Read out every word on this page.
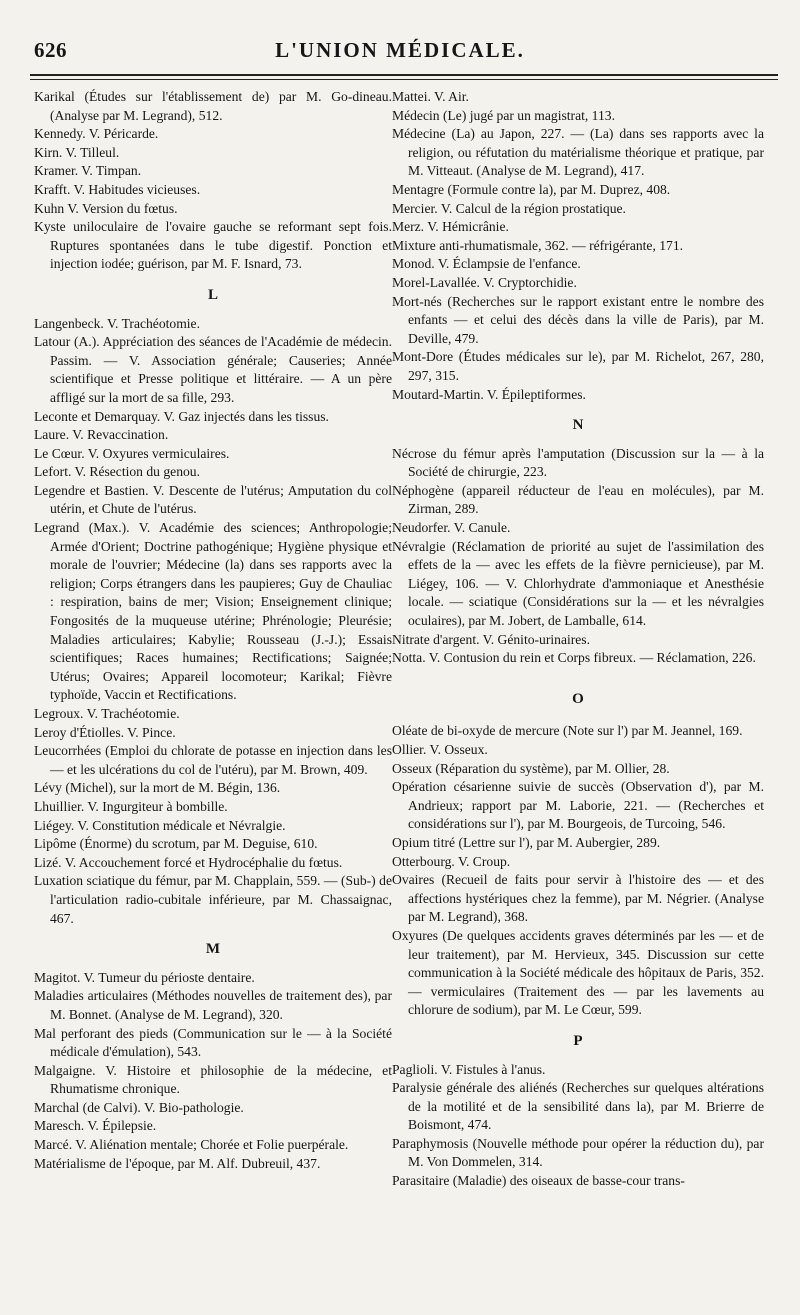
626	L'UNION MÉDICALE.

Karikal (Études sur l'établissement de) par M. Go-dineau. (Analyse par M. Legrand), 512.

Kennedy. V. Péricarde.

Kirn. V. Tilleul.

Kramer. V. Timpan.

Krafft. V. Habitudes vicieuses.

Kuhn V. Version du fœtus.

Kyste uniloculaire de l'ovaire gauche se reformant sept fois. Ruptures spontanées dans le tube digestif. Ponction et injection iodée; guérison, par M. F. Isnard, 73.

L

Langenbeck. V. Trachéotomie.

Latour (A.). Appréciation des séances de l'Académie de médecin. Passim. — V. Association générale; Causeries; Année scientifique et Presse politique et littéraire. — A un père affligé sur la mort de sa fille, 293.

Leconte et Demarquay. V. Gaz injectés dans les tissus.

Laure. V. Revaccination.

Le Cœur. V. Oxyures vermiculaires.

Lefort. V. Résection du genou.

Legendre et Bastien. V. Descente de l'utérus; Amputation du col utérin, et Chute de l'utérus.

Legrand (Max.). V. Académie des sciences; Anthropologie; Armée d'Orient; Doctrine pathogénique; Hygiène physique et morale de l'ouvrier; Médecine (la) dans ses rapports avec la religion; Corps étrangers dans les paupieres; Guy de Chauliac : respiration, bains de mer; Vision; Enseignement clinique; Fongosités de la muqueuse utérine; Phrénologie; Pleurésie; Maladies articulaires; Kabylie; Rousseau (J.-J.); Essais scientifiques; Races humaines; Rectifications; Saignée; Utérus; Ovaires; Appareil locomoteur; Karikal; Fièvre typhoïde, Vaccin et Rectifications.

Legroux. V. Trachéotomie.

Leroy d'Étiolles. V. Pince.

Leucorrhées (Emploi du chlorate de potasse en injection dans les — et les ulcérations du col de l'utéru), par M. Brown, 409.

Lévy (Michel), sur la mort de M. Bégin, 136.

Lhuillier. V. Ingurgiteur à bombille.

Liégey. V. Constitution médicale et Névralgie.

Lipôme (Énorme) du scrotum, par M. Deguise, 610.

Lizé. V. Accouchement forcé et Hydrocéphalie du fœtus.

Luxation sciatique du fémur, par M. Chapplain, 559. — (Sub-) de l'articulation radio-cubitale inférieure, par M. Chassaignac, 467.

M

Magitot. V. Tumeur du périoste dentaire.

Maladies articulaires (Méthodes nouvelles de traitement des), par M. Bonnet. (Analyse de M. Legrand), 320.

Mal perforant des pieds (Communication sur le — à la Société médicale d'émulation), 543.

Malgaigne. V. Histoire et philosophie de la médecine, et Rhumatisme chronique.

Marchal (de Calvi). V. Bio-pathologie.

Maresch. V. Épilepsie.

Marcé. V. Aliénation mentale; Chorée et Folie puerpérale.

Matérialisme de l'époque, par M. Alf. Dubreuil, 437.

Mattei. V. Air.

Médecin (Le) jugé par un magistrat, 113.

Médecine (La) au Japon, 227. — (La) dans ses rapports avec la religion, ou réfutation du matérialisme théorique et pratique, par M. Vitteaut. (Analyse de M. Legrand), 417.

Mentagre (Formule contre la), par M. Duprez, 408.

Mercier. V. Calcul de la région prostatique.

Merz. V. Hémicrânie.

Mixture anti-rhumatismale, 362. — réfrigérante, 171.

Monod. V. Éclampsie de l'enfance.

Morel-Lavallée. V. Cryptorchidie.

Mort-nés (Recherches sur le rapport existant entre le nombre des enfants — et celui des décès dans la ville de Paris), par M. Deville, 479.

Mont-Dore (Études médicales sur le), par M. Richelot, 267, 280, 297, 315.

Moutard-Martin. V. Épileptiformes.

N

Nécrose du fémur après l'amputation (Discussion sur la — à la Société de chirurgie, 223.

Néphogène (appareil réducteur de l'eau en molécules), par M. Zirman, 289.

Neudorfer. V. Canule.

Névralgie (Réclamation de priorité au sujet de l'assimilation des effets de la — avec les effets de la fièvre pernicieuse), par M. Liégey, 106. — V. Chlorhydrate d'ammoniaque et Anesthésie locale. — sciatique (Considérations sur la — et les névralgies oculaires), par M. Jobert, de Lamballe, 614.

Nitrate d'argent. V. Génito-urinaires.

Notta. V. Contusion du rein et Corps fibreux. — Réclamation, 226.

O

Oléate de bi-oxyde de mercure (Note sur l') par M. Jeannel, 169.

Ollier. V. Osseux.

Osseux (Réparation du système), par M. Ollier, 28.

Opération césarienne suivie de succès (Observation d'), par M. Andrieux; rapport par M. Laborie, 221. — (Recherches et considérations sur l'), par M. Bourgeois, de Turcoing, 546.

Opium titré (Lettre sur l'), par M. Aubergier, 289.

Otterbourg. V. Croup.

Ovaires (Recueil de faits pour servir à l'histoire des — et des affections hystériques chez la femme), par M. Négrier. (Analyse par M. Legrand), 368.

Oxyures (De quelques accidents graves déterminés par les — et de leur traitement), par M. Hervieux, 345. Discussion sur cette communication à la Société médicale des hôpitaux de Paris, 352. — vermiculaires (Traitement des — par les lavements au chlorure de sodium), par M. Le Cœur, 599.

P

Paglioli. V. Fistules à l'anus.

Paralysie générale des aliénés (Recherches sur quelques altérations de la motilité et de la sensibilité dans la), par M. Brierre de Boismont, 474.

Paraphymosis (Nouvelle méthode pour opérer la réduction du), par M. Von Dommelen, 314.

Parasitaire (Maladie) des oiseaux de basse-cour trans-
